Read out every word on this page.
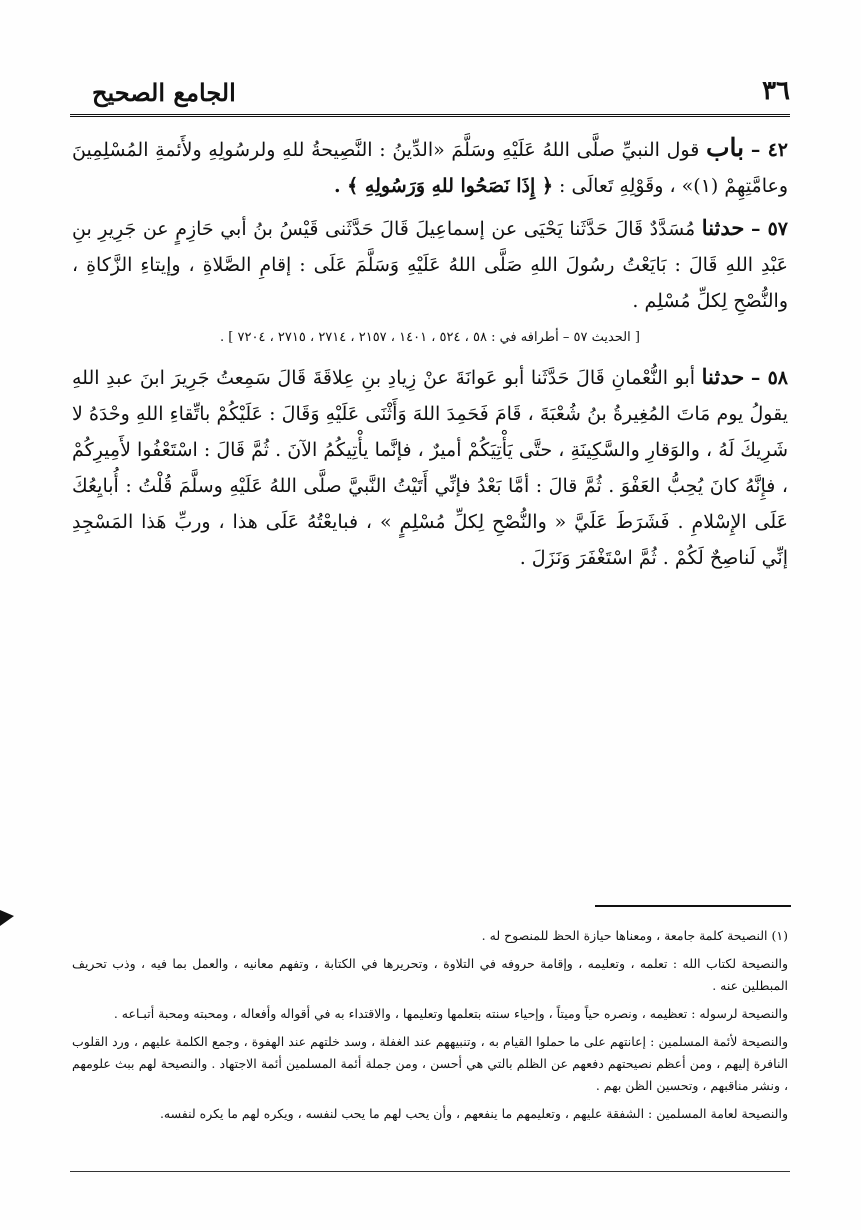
٣٦
الجامع الصحيح

٤٢ – باب قول النبيِّ صلَّى اللهُ عَلَيْهِ وسَلَّمَ «الدِّينُ : النَّصِيحةُ للهِ ولرسُولِهِ ولأَئمةِ المُسْلِمِينَ وعامَّتِهِمْ (١)» ، وقَوْلِهِ تَعالَى : ﴿ إِذَا نَصَحُوا للهِ وَرَسُولِهِ ﴾ .

٥٧ – حدثنا مُسَدَّدٌ قَالَ حَدَّثَنا يَحْيَى عن إسماعِيلَ قَالَ حَدَّثَنى قَيْسُ بنُ أبي حَازِمٍ عن جَرِيرِ بنِ عَبْدِ اللهِ قَالَ : بَايَعْتُ رسُولَ اللهِ صَلَّى اللهُ عَلَيْهِ وَسَلَّمَ عَلَى : إقامِ الصَّلاةِ ، وإيتاءِ الزَّكاةِ ، والنُّصْحِ لِكلِّ مُسْلِم .

[ الحديث ٥٧ – أطرافه في : ٥٨ ، ٥٢٤ ، ١٤٠١ ، ٢١٥٧ ، ٢٧١٤ ، ٢٧١٥ ، ٧٢٠٤ ] .

٥٨ – حدثنا أبو النُّعْمانِ قَالَ حَدَّثَنا أبو عَوانَةَ عنْ زِيادِ بنِ عِلاقَةَ قَالَ سَمِعتُ جَرِيرَ ابنَ عبدِ اللهِ يقولُ يوم مَاتَ المُغِيرةُ بنُ شُعْبَةَ ، قَامَ فَحَمِدَ اللهَ وَأَثْنَى عَلَيْهِ وَقَالَ : عَلَيْكُمْ باتِّقاءِ اللهِ وحْدَهُ لا شَرِيكَ لَهُ ، والوَقارِ والسَّكِينَةِ ، حتَّى يَأْتِيَكُمْ أميرٌ ، فإنَّما يأْتِيكُمُ الآنَ . ثُمَّ قَالَ : اسْتَعْفُوا لأَمِيرِكُمْ ، فإِنَّهُ كانَ يُحِبُّ العَفْوَ . ثُمَّ قالَ : أمَّا بَعْدُ فإنِّي أَتَيْتُ النَّبيَّ صلَّى اللهُ عَلَيْهِ وسلَّمَ قُلْتُ : أُبايِعُكَ عَلَى الإِسْلامِ . فَشَرَطَ عَلَيَّ « والنُّصْحِ لِكلِّ مُسْلِمٍ » ، فبايعْتُهُ عَلَى هذا ، وربِّ هَذا المَسْجِدِ إنِّي لَناصِحٌ لَكُمْ . ثُمَّ اسْتَغْفَرَ وَنَزَلَ .

(١) النصيحة كلمة جامعة ، ومعناها حيازة الحظ للمنصوح له .

والنصيحة لكتاب الله : تعلمه ، وتعليمه ، وإقامة حروفه في التلاوة ، وتحريرها في الكتابة ، وتفهم معانيه ، والعمل بما فيه ، وذب تحريف المبطلين عنه .

والنصيحة لرسوله : تعظيمه ، ونصره حياً وميتاً ، وإحياء سنته بتعلمها وتعليمها ، والاقتداء به في أقواله وأفعاله ، ومحبته ومحبة أتبـاعه .

والنصيحة لأئمة المسلمين : إعانتهم على ما حملوا القيام به ، وتنبيههم عند الغفلة ، وسد خلتهم عند الهفوة ، وجمع الكلمة عليهم ، ورد القلوب النافرة إليهم ، ومن أعظم نصيحتهم دفعهم عن الظلم بالتي هي أحسن ، ومن جملة أئمة المسلمين أئمة الاجتهاد . والنصيحة لهم ببث علومهم ، ونشر مناقبهم ، وتحسين الظن بهم .

والنصيحة لعامة المسلمين : الشفقة عليهم ، وتعليمهم ما ينفعهم ، وأن يحب لهم ما يحب لنفسه ، ويكره لهم ما يكره لنفسه.
